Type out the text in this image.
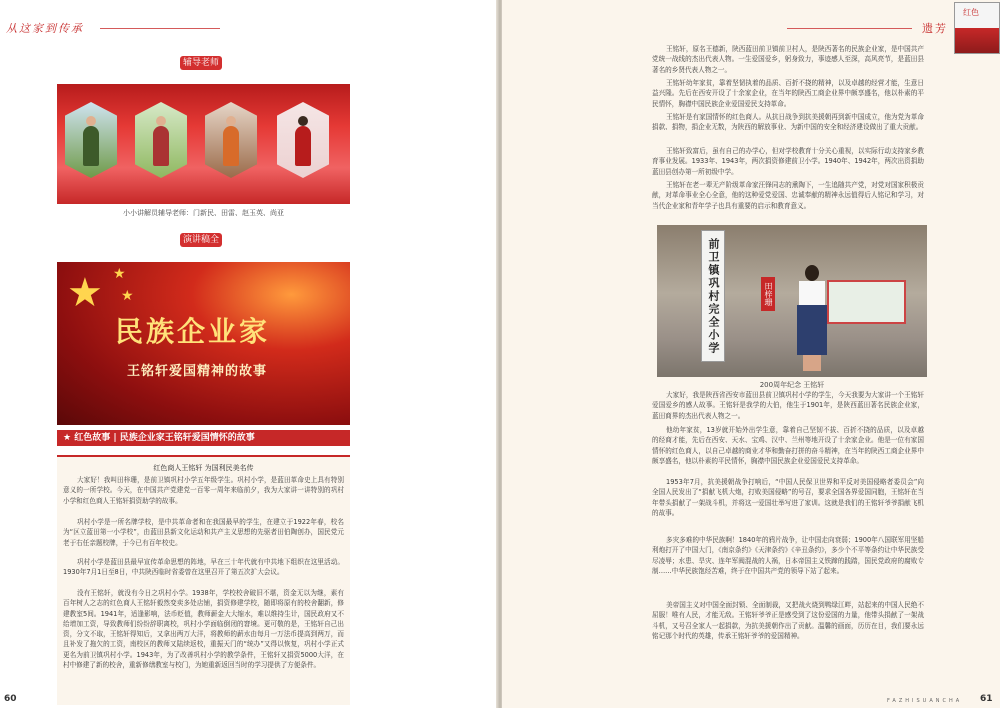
从这家到传承
辅导老师
小小讲解员辅导老师：门新民、田雷、赵玉英、尚亚
演讲稿全文
★ ★
★
民族企业家
王铭轩爱国精神的故事
★ 红色故事 | 民族企业家王铭轩爱国情怀的故事
红色商人王铭轩 为国利民美名传

大家好！我叫田梓珊，是前卫镇巩村小学五年级学生。巩村小学，是蓝田革命史上具有特别意义的一所学校。今天，在中国共产党建党一百零一周年来临前夕，我为大家讲一讲特别的巩村小学和红色商人王铭轩捐资助学的故事。

巩村小学是一所名牌学校，是中共革命者和在我国最早的学生，在建立于1922年春，校名为“区立蓝田第一小学校”，由蓝田县新文化运动和共产主义思想的先驱者田伯陶创办，国民党元老于右任亲题校牌，于今已有百年校史。

巩村小学是蓝田县最早宣传革命思想的阵地，早在三十年代就有中共地下组织在这里活动。1930年7月1日至8日，中共陕西临时省委曾在这里召开了第五次扩大会议。

没有王铭轩，就没有今日之巩村小学。1938年，学校校舍破旧不堪，资金无以为继，素有百年树人之志的红色商人王铭轩毅然变卖多处店铺，捐资修建学校，随即将原有的校舍翻新，修建教室5间。1941年，适逢影响，法币贬值，教师薪金大大缩水，难以维持生计，国民政府又不给增加工资，导致教师们纷纷辞职离校，巩村小学面临倒闭的窘境。更可敬的是，王铭轩自己出资，分文不取，王铭轩得知后，又拿出两万大洋，将教师的薪水由每月一万法币提高到两万，而且补发了拖欠的工资，南校区的教师又陆续返校，重振天门的“统办”又得以恢复，巩村小学正式更名为前卫镇巩村小学。1943年，为了改善巩村小学的教学条件，王铭轩又捐资5000大洋，在村中修建了新的校舍，重新修缮教室与校门，为她重新返回当时的学习提供了方便条件。

60
遗芳
红色

王铭轩，原名王德新，陕西蓝田前卫镇前卫村人，是陕西著名的民族企业家，是中国共产党统一战线的杰出代表人物。一生爱国爱乡，躬身致力，事迹感人至深，高风亮节，是蓝田县著名的乡贤代表人物之一。

王铭轩幼年家贫，靠着坚韧执着的品质、百折不挠的精神，以及卓越的经营才能，生意日益兴隆。先后在西安开设了十余家企业，在当年的陕西工商企业界中颇享盛名，他以朴素的平民情怀，胸襟中国民族企业爱国爱民支持革命。

王铭轩是有家国情怀的红色商人。从抗日战争到抗美援朝再到新中国成立，他为党为革命捐款、捐物，捐企业无数，为陕西的解放事业、为新中国的安全和经济建设做出了重大贡献。

王铭轩致富后，虽有自己的办学心，但对学校教育十分关心重视，以实际行动支持家乡教育事业发展。1933年、1943年，两次捐资修建前卫小学。1940年、1942年，两次出资捐助蓝田县创办第一所初级中学。

王铭轩在老一辈无产阶级革命家汪锋同志的熏陶下，一生追随共产党，对党对国家积极贡献，对革命事业全心全意，他的这种爱党爱国、忠诚奉献的精神永远值得后人铭记和学习，对当代企业家和青年学子也具有重要的启示和教育意义。

前卫镇巩村完全小学	田梓珊
200周年纪念 王铭轩

大家好，我是陕西省西安市蓝田县前卫镇巩村小学的学生，今天我要为大家讲一个王铭轩爱国爱乡的感人故事。王铭轩是我学的大伯，他生于1901年，是陕西蓝田著名民族企业家，蓝田商界的杰出代表人物之一。

他幼年家贫，13岁就开始外出学生意，靠着自己坚韧不拔、百折不挠的品质，以及卓越的经商才能，先后在西安、天水、宝鸡、汉中、兰州等地开设了十余家企业。他是一位有家国情怀的红色商人，以自己卓越的商业才华和勤奋打拼的奋斗精神，在当年的陕西工商企业界中颇享盛名，他以朴素的平民情怀，胸襟中国民族企业爱国爱民支持革命。

1953年7月，抗美援朝战争打响后，“中国人民保卫世界和平反对美国侵略者委员会”向全国人民发出了“捐献飞机大炮，打败美国侵略”的号召，要求全国各界爱国同胞，王铭轩在当年带头捐献了一架战斗机，并将这一爱国壮举写进了家训。这就是我们的王铭轩爷爷捐献飞机的故事。

多灾多难的中华民族啊！1840年的鸦片战争，让中国走向衰弱；1900年八国联军用坚船利炮打开了中国大门，《南京条约》《天津条约》《辛丑条约》，多少个不平等条约让中华民族受尽凌辱；水患、旱灾、连年军阀混战的人祸，日本帝国主义铁蹄的践踏，国民党政府的腐败专制……中华民族饱经苦难，终于在中国共产党的领导下站了起来。

美帝国主义对中国全面封锁、全面制裁，又把战火烧到鸭绿江畔，站起来的中国人民绝不屈服！唯有人民，才能无敌。王铭轩爷爷正是感受到了这份爱国的力量，他带头捐献了一架战斗机，又号召全家人一起捐款，为抗美援朝作出了贡献。温馨的画面，历历在目，我们要永远铭记那个时代的英雄，传承王铭轩爷爷的爱国精神。

FAZHISUANCHA 61
